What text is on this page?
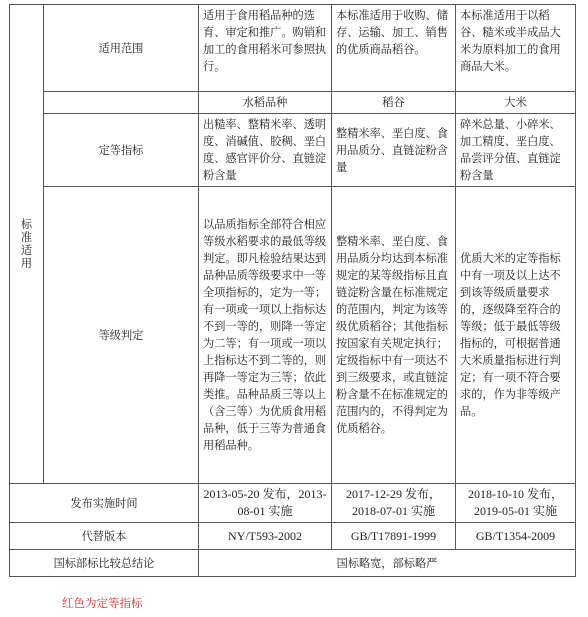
标准适用	适用范围	适用于食用稻品种的选育、审定和推广。购销和加工的食用稻米可参照执行。	本标准适用于收购、储存、运输、加工、销售的优质商品稻谷。	本标准适用于以稻谷、糙米或半成品大米为原料加工的食用商品大米。
		水稻品种	稻谷	大米
	定等指标	出糙率、整精米率、透明度、消碱值、胶稠、垩白度、感官评价分、直链淀粉含量	整精米率、垩白度、食用品质分、直链淀粉含量	碎米总量、小碎米、加工精度、垩白度、品尝评分值、直链淀粉含量
	等级判定	以品质指标全部符合相应等级水稻要求的最低等级判定。即凡检验结果达到品种品质等级要求中一等全项指标的，定为一等；有一项或一项以上指标达不到一等的，则降一等定为二等；有一项或一项以上指标达不到二等的，则再降一等定为三等；依此类推。品种品质三等以上（含三等）为优质食用稻品种，低于三等为普通食用稻品种。	整精米率、垩白度、食用品质分均达到本标准规定的某等级指标且直链淀粉含量在标准规定的范围内，判定为该等级优质稻谷；其他指标按国家有关规定执行；定级指标中有一项达不到三级要求，或直链淀粉含量不在标准规定的范围内的，不得判定为优质稻谷。	优质大米的定等指标中有一项及以上达不到该等级质量要求的，逐级降至符合的等级；低于最低等级指标的，可根据普通大米质量指标进行判定；有一项不符合要求的，作为非等级产品。
发布实施时间		2013-05-20 发布，2013-08-01 实施	2017-12-29 发布，2018-07-01 实施	2018-10-10 发布，2019-05-01 实施
代替版本		NY/T593-2002	GB/T17891-1999	GB/T1354-2009
国标部标比较总结论		国标略宽，部标略严		
红色为定等指标
